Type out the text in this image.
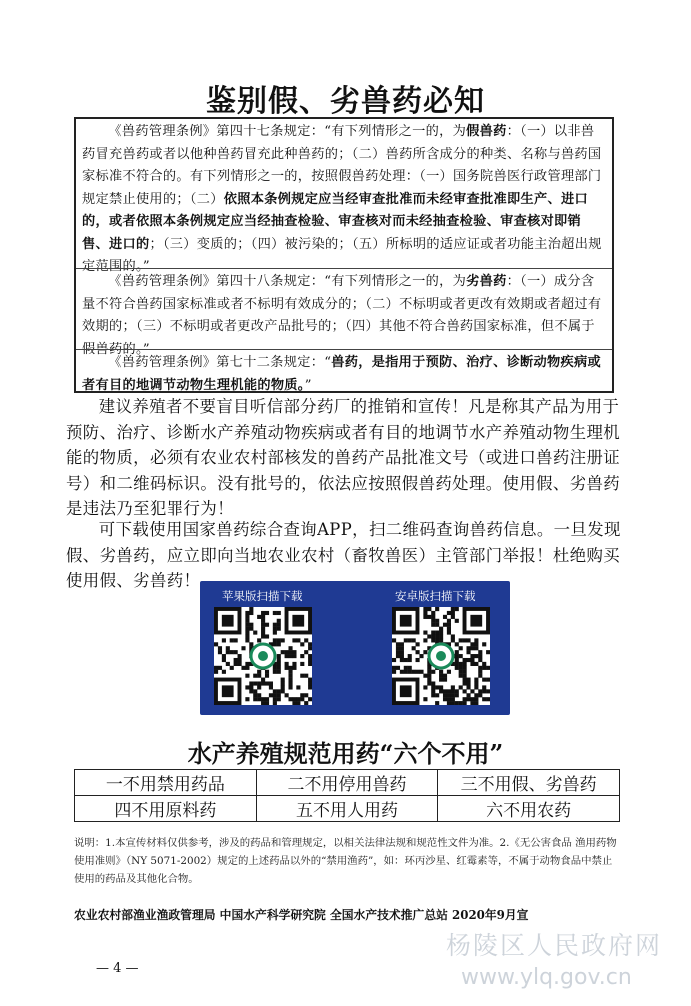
鉴别假、劣兽药必知
《兽药管理条例》第四十七条规定：“有下列情形之一的，为假兽药：（一）以非兽药冒充兽药或者以他种兽药冒充此种兽药的；（二）兽药所含成分的种类、名称与兽药国家标准不符合的。有下列情形之一的，按照假兽药处理：（一）国务院兽医行政管理部门规定禁止使用的；（二）依照本条例规定应当经审查批准而未经审查批准即生产、进口的，或者依照本条例规定应当经抽查检验、审查核对而未经抽查检验、审查核对即销售、进口的；（三）变质的；（四）被污染的；（五）所标明的适应证或者功能主治超出规定范围的。”
《兽药管理条例》第四十八条规定：“有下列情形之一的，为劣兽药：（一）成分含量不符合兽药国家标准或者不标明有效成分的；（二）不标明或者更改有效期或者超过有效期的；（三）不标明或者更改产品批号的；（四）其他不符合兽药国家标准，但不属于假兽药的。”
《兽药管理条例》第七十二条规定：“兽药，是指用于预防、治疗、诊断动物疾病或者有目的地调节动物生理机能的物质。”
建议养殖者不要盲目听信部分药厂的推销和宣传！凡是称其产品为用于预防、治疗、诊断水产养殖动物疾病或者有目的地调节水产养殖动物生理机能的物质，必须有农业农村部核发的兽药产品批准文号（或进口兽药注册证号）和二维码标识。没有批号的，依法应按照假兽药处理。使用假、劣兽药是违法乃至犯罪行为！
可下载使用国家兽药综合查询APP，扫二维码查询兽药信息。一旦发现假、劣兽药，应立即向当地农业农村（畜牧兽医）主管部门举报！杜绝购买使用假、劣兽药！
苹果版扫描下载	安卓版扫描下载
水产养殖规范用药“六个不用”
一不用禁用药品	二不用停用兽药	三不用假、劣兽药
四不用原料药	五不用人用药	六不用农药
说明：1.本宣传材料仅供参考，涉及的药品和管理规定，以相关法律法规和规范性文件为准。2.《无公害食品 渔用药物使用准则》（NY 5071-2002）规定的上述药品以外的“禁用渔药”，如：环丙沙星、红霉素等，不属于动物食品中禁止使用的药品及其他化合物。
农业农村部渔业渔政管理局 中国水产科学研究院 全国水产技术推广总站 2020年9月宣
— 4 —
杨陵区人民政府网
www.ylq.gov.cn
